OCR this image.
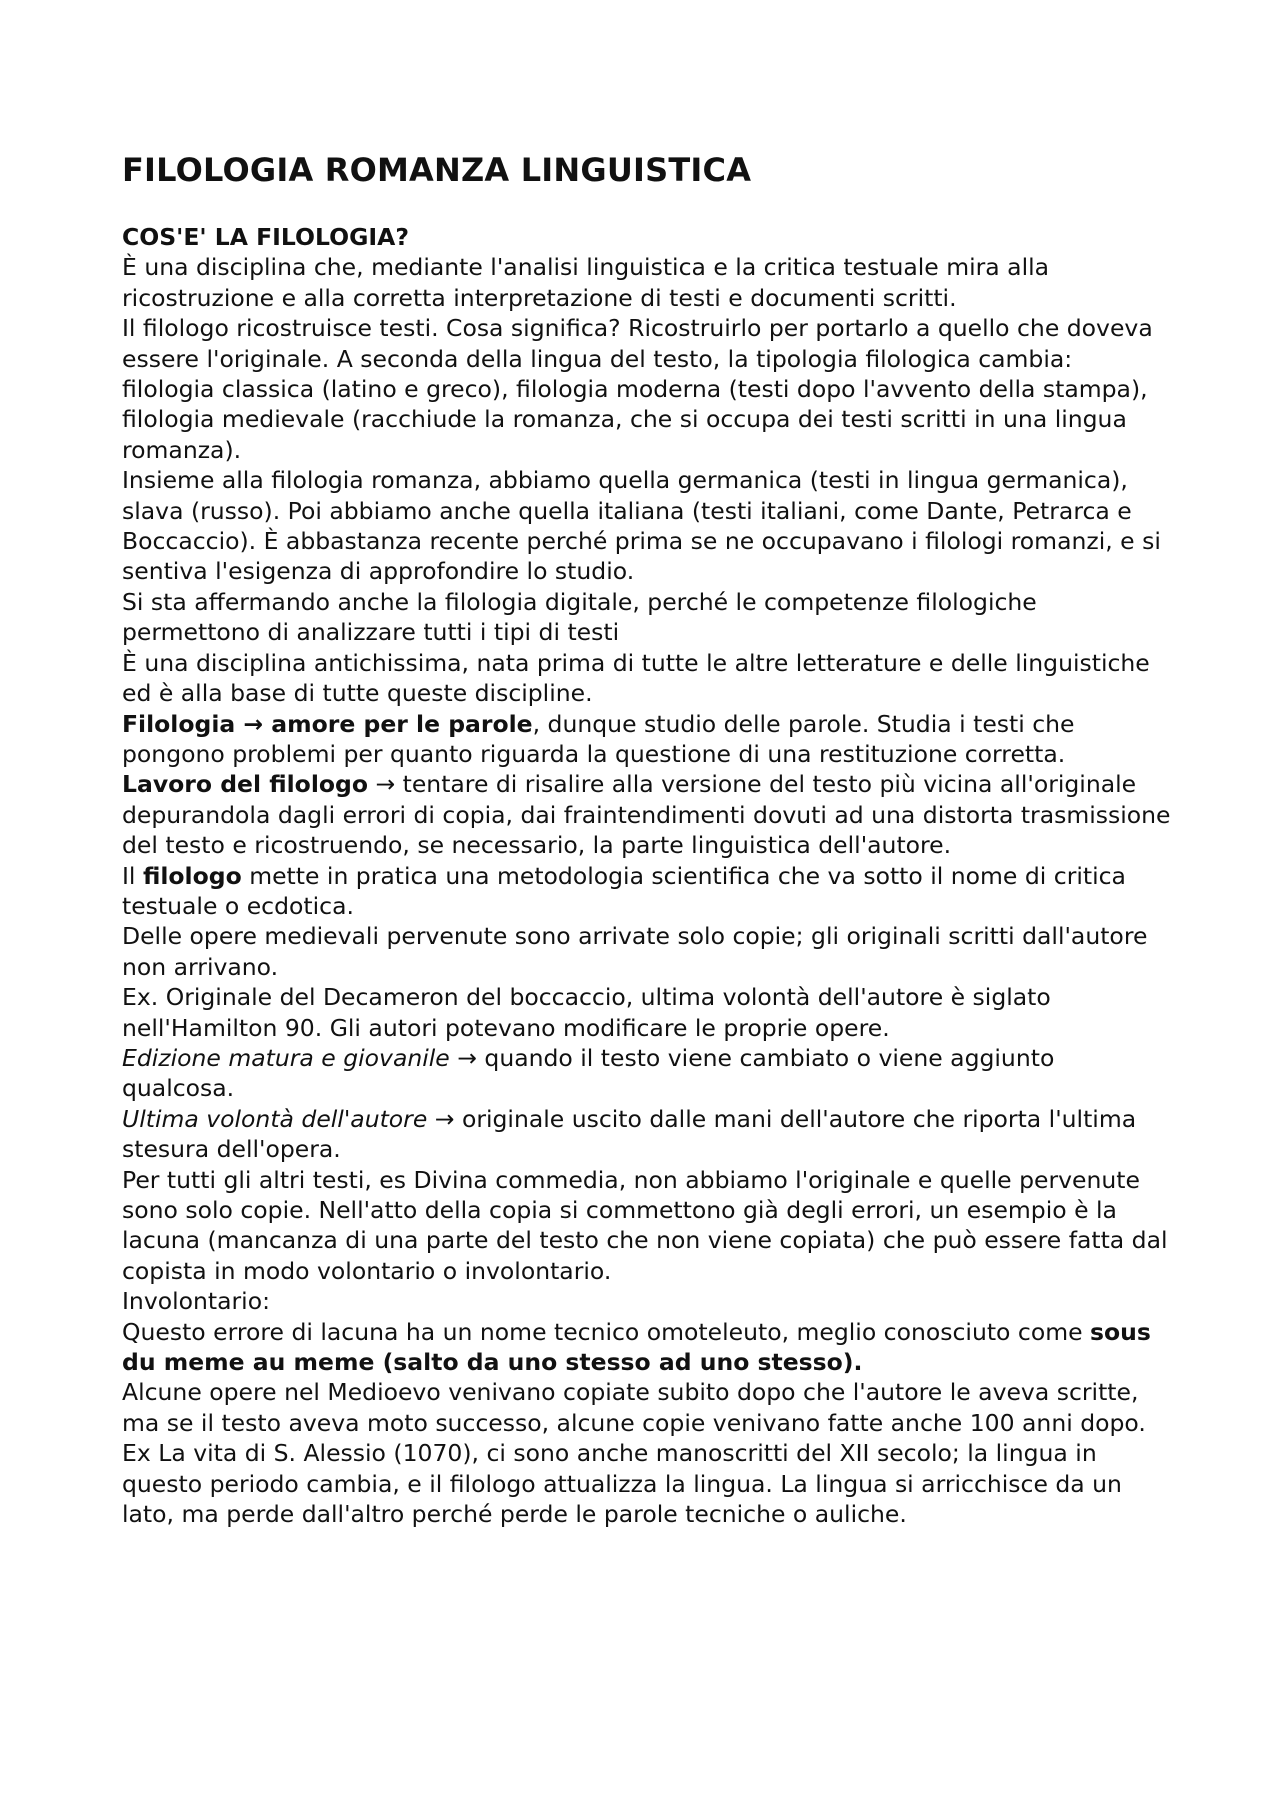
FILOLOGIA ROMANZA LINGUISTICA

COS'E' LA FILOLOGIA?

È una disciplina che, mediante l'analisi linguistica e la critica testuale mira alla ricostruzione e alla corretta interpretazione di testi e documenti scritti.

Il filologo ricostruisce testi. Cosa significa? Ricostruirlo per portarlo a quello che doveva essere l'originale. A seconda della lingua del testo, la tipologia filologica cambia: filologia classica (latino e greco), filologia moderna (testi dopo l'avvento della stampa), filologia medievale (racchiude la romanza, che si occupa dei testi scritti in una lingua romanza).

Insieme alla filologia romanza, abbiamo quella germanica (testi in lingua germanica), slava (russo). Poi abbiamo anche quella italiana (testi italiani, come Dante, Petrarca e Boccaccio). È abbastanza recente perché prima se ne occupavano i filologi romanzi, e si sentiva l'esigenza di approfondire lo studio.

Si sta affermando anche la filologia digitale, perché le competenze filologiche permettono di analizzare tutti i tipi di testi

È una disciplina antichissima, nata prima di tutte le altre letterature e delle linguistiche ed è alla base di tutte queste discipline.

Filologia → amore per le parole, dunque studio delle parole. Studia i testi che pongono problemi per quanto riguarda la questione di una restituzione corretta.

Lavoro del filologo → tentare di risalire alla versione del testo più vicina all'originale depurandola dagli errori di copia, dai fraintendimenti dovuti ad una distorta trasmissione del testo e ricostruendo, se necessario, la parte linguistica dell'autore.

Il filologo mette in pratica una metodologia scientifica che va sotto il nome di critica testuale o ecdotica.

Delle opere medievali pervenute sono arrivate solo copie; gli originali scritti dall'autore non arrivano.

Ex. Originale del Decameron del boccaccio, ultima volontà dell'autore è siglato nell'Hamilton 90. Gli autori potevano modificare le proprie opere.

Edizione matura e giovanile → quando il testo viene cambiato o viene aggiunto qualcosa.

Ultima volontà dell'autore → originale uscito dalle mani dell'autore che riporta l'ultima stesura dell'opera.

Per tutti gli altri testi, es Divina commedia, non abbiamo l'originale e quelle pervenute sono solo copie. Nell'atto della copia si commettono già degli errori, un esempio è la lacuna (mancanza di una parte del testo che non viene copiata) che può essere fatta dal copista in modo volontario o involontario.

Involontario:

Questo errore di lacuna ha un nome tecnico omoteleuto, meglio conosciuto come sous du meme au meme (salto da uno stesso ad uno stesso).

Alcune opere nel Medioevo venivano copiate subito dopo che l'autore le aveva scritte, ma se il testo aveva moto successo, alcune copie venivano fatte anche 100 anni dopo.

Ex La vita di S. Alessio (1070), ci sono anche manoscritti del XII secolo; la lingua in questo periodo cambia, e il filologo attualizza la lingua. La lingua si arricchisce da un lato, ma perde dall'altro perché perde le parole tecniche o auliche.
